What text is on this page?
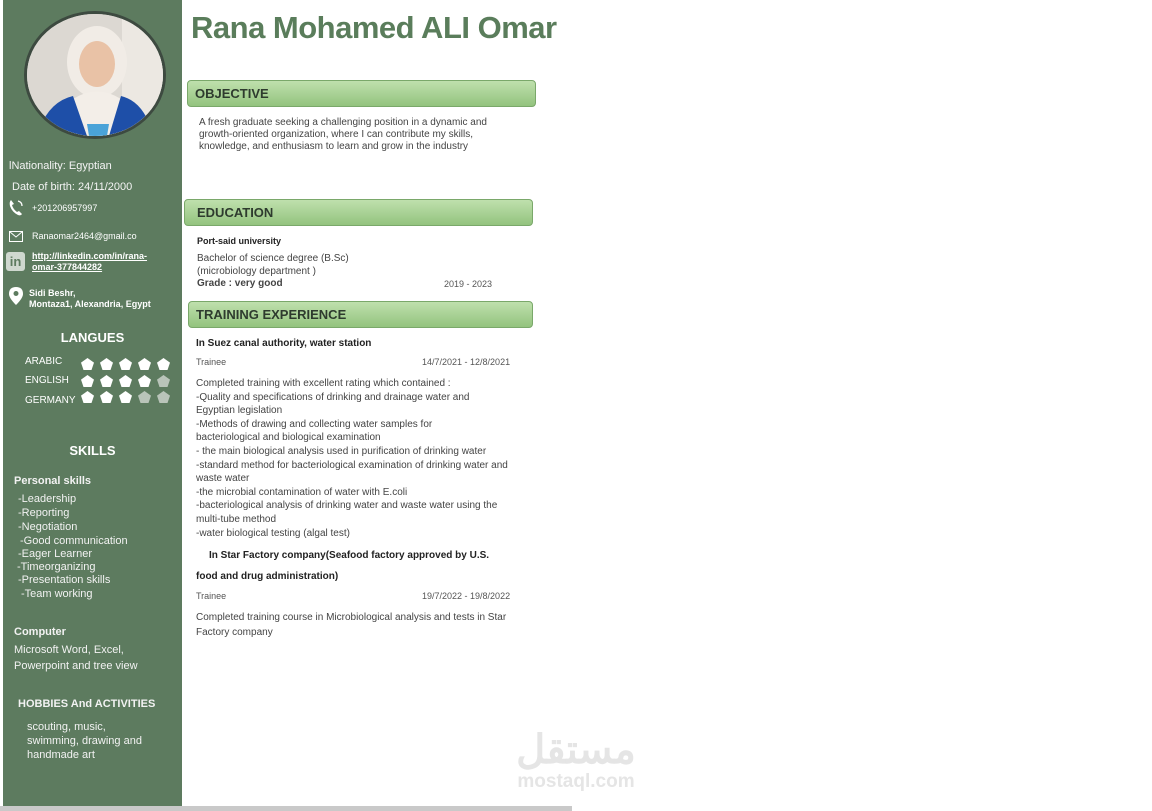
lNationality: Egyptian
Date of birth: 24/11/2000
+201206957997
Ranaomar2464@gmail.co
in	http://linkedin.com/in/rana-
omar-377844282
Sidi Beshr,
Montaza1, Alexandria, Egypt
LANGUES
ARABIC
ENGLISH
GERMANY
SKILLS
Personal skills
-Leadership
-Reporting
-Negotiation
-Good communication
-Eager Learner
-Timeorganizing
-Presentation skills
-Team working
Computer
Microsoft Word, Excel,
Powerpoint and tree view
HOBBIES And ACTIVITIES
scouting, music,
swimming, drawing and
handmade art
Rana Mohamed ALI Omar
OBJECTIVE
A fresh graduate seeking a challenging position in a dynamic and
growth-oriented organization, where I can contribute my skills,
knowledge, and enthusiasm to learn and grow in the industry
EDUCATION
Port-said university
Bachelor of science degree (B.Sc)
(microbiology department )
Grade : very good	2019 - 2023
TRAINING EXPERIENCE
In Suez canal authority, water station
Trainee	14/7/2021 - 12/8/2021
Completed training with excellent rating which contained :
-Quality and specifications of drinking and drainage water and
Egyptian legislation
-Methods of drawing and collecting water samples for
bacteriological and biological examination
- the main biological analysis used in purification of drinking water
-standard method for bacteriological examination of drinking water and
waste water
-the microbial contamination of water with E.coli
-bacteriological analysis of drinking water and waste water using the
multi-tube method
-water biological testing (algal test)
In Star Factory company(Seafood factory approved by U.S.
food and drug administration)
Trainee	19/7/2022 - 19/8/2022
Completed training course in Microbiological analysis and tests in Star
Factory company
مستقل
mostaql.com
